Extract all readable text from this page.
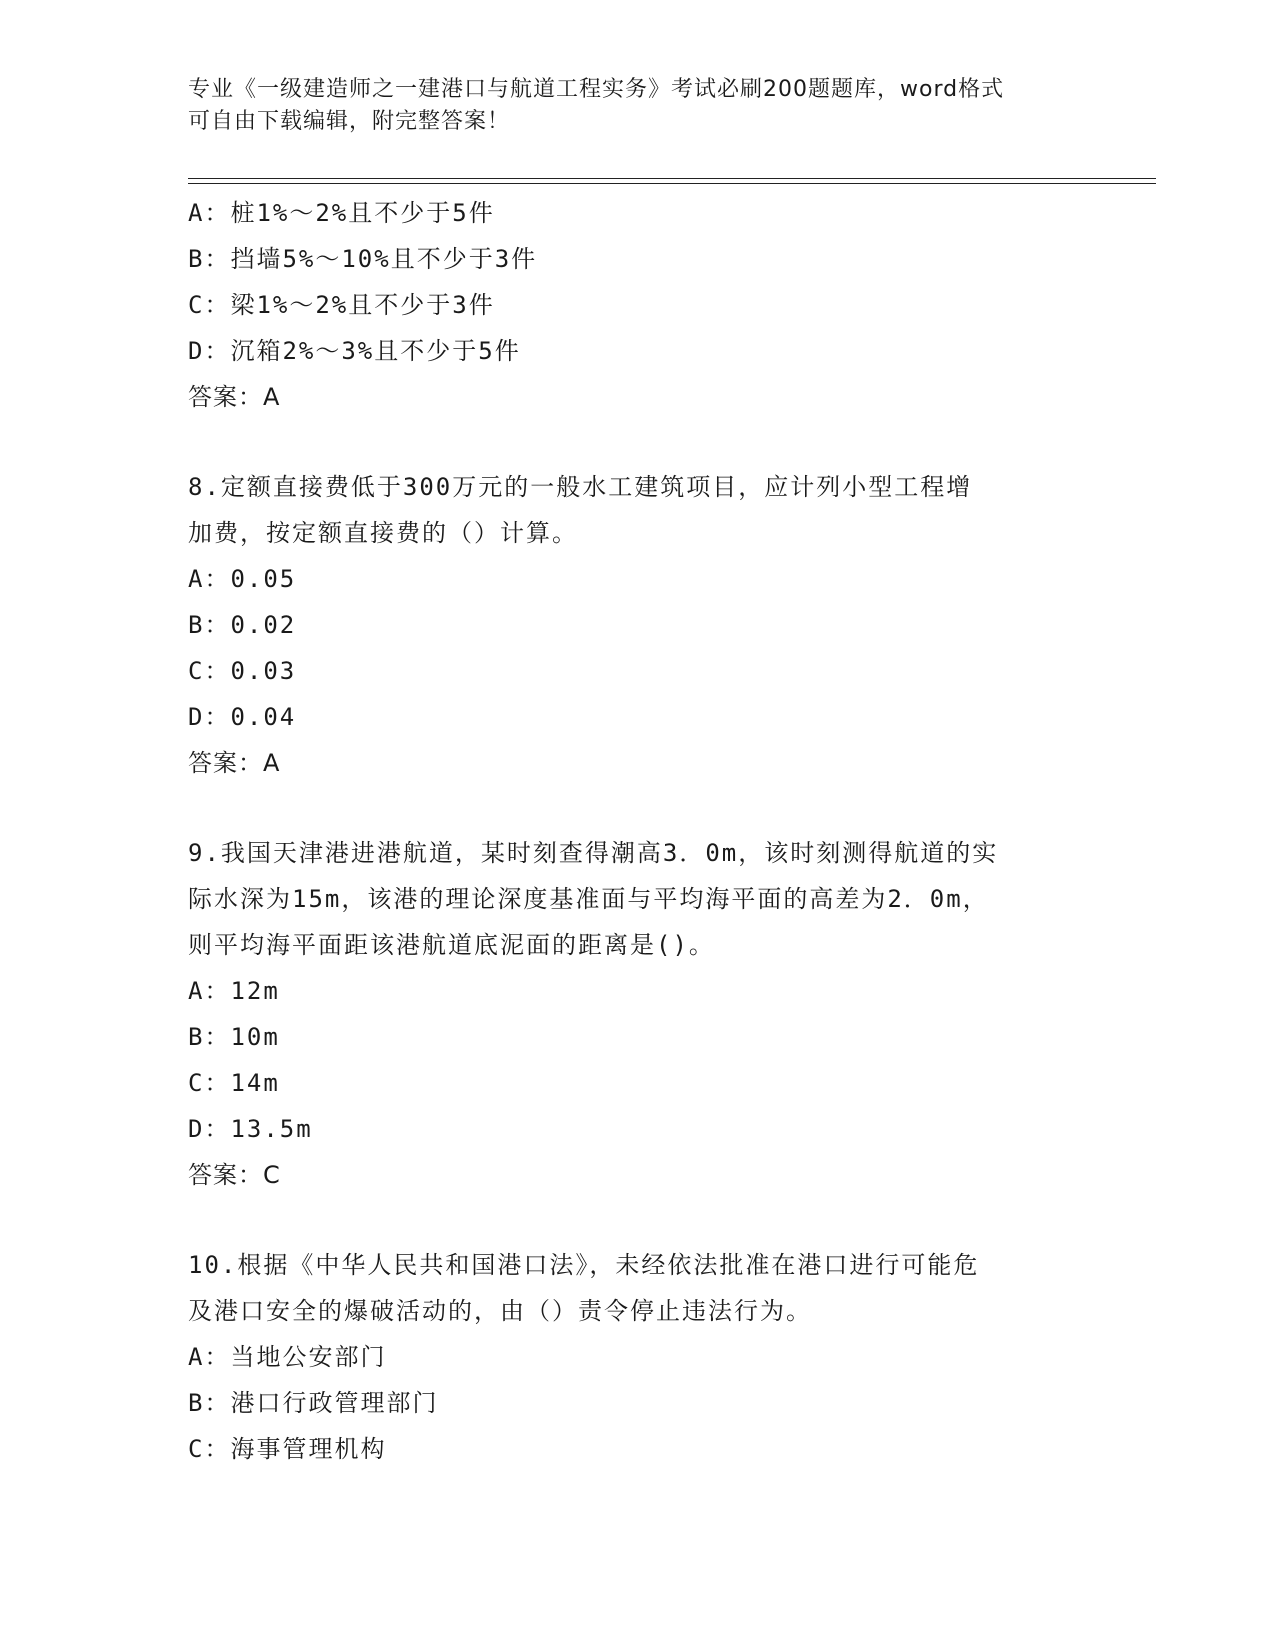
专业《一级建造师之一建港口与航道工程实务》考试必刷200题题库，word格式
可自由下载编辑，附完整答案！
A：桩1%～2%且不少于5件
B：挡墙5%～10%且不少于3件
C：梁1%～2%且不少于3件
D：沉箱2%～3%且不少于5件
答案：A
8.定额直接费低于300万元的一般水工建筑项目，应计列小型工程增
加费，按定额直接费的（）计算。
A：0.05
B：0.02
C：0.03
D：0.04
答案：A
9.我国天津港进港航道，某时刻查得潮高3．0m，该时刻测得航道的实
际水深为15m，该港的理论深度基准面与平均海平面的高差为2．0m，
则平均海平面距该港航道底泥面的距离是()。
A：12m
B：10m
C：14m
D：13.5m
答案：C
10.根据《中华人民共和国港口法》，未经依法批准在港口进行可能危
及港口安全的爆破活动的，由（）责令停止违法行为。
A：当地公安部门
B：港口行政管理部门
C：海事管理机构
